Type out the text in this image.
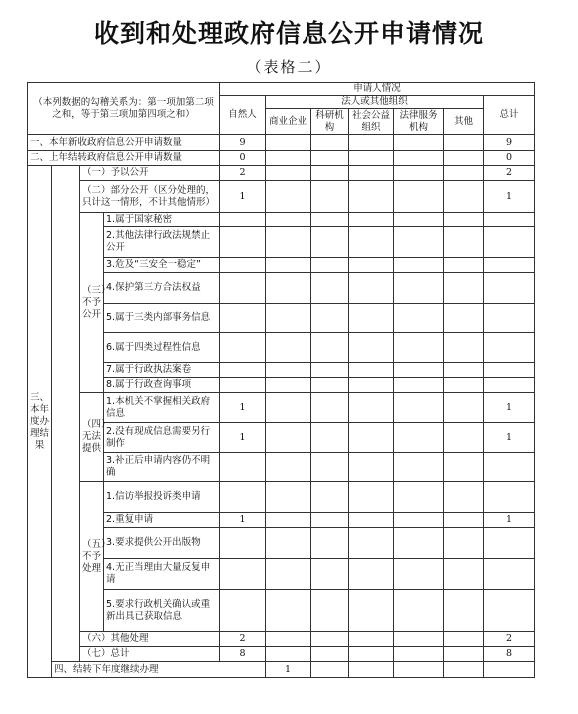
收到和处理政府信息公开申请情况
（表格二）
（本列数据的勾稽关系为：第一项加第二项之和，等于第三项加第四项之和）				申请人情况							
				自然人	法人或其他组织					总计	
					商业企业	科研机构	社会公益组织	法律服务机构	其他		
一、本年新收政府信息公开申请数量				9						9	
二、上年结转政府信息公开申请数量				0						0	
三、本年度办理结果		（一）予以公开		2						2	
		（二）部分公开（区分处理的，只计这一情形，不计其他情形）		1						1	
		（三）不予公开	1.属于国家秘密								
			2.其他法律行政法规禁止公开								
			3.危及“三安全一稳定”								
			4.保护第三方合法权益								
			5.属于三类内部事务信息								
			6.属于四类过程性信息								
			7.属于行政执法案卷								
			8.属于行政查询事项								
		（四）无法提供	1.本机关不掌握相关政府信息	1						1	
			2.没有现成信息需要另行制作	1						1	
			3.补正后申请内容仍不明确								
		（五）不予处理	1.信访举报投诉类申请								
			2.重复申请	1						1	
			3.要求提供公开出版物								
			4.无正当理由大量反复申请								
			5.要求行政机关确认或重新出具已获取信息								
		（六）其他处理		2						2	
		（七）总计		8						8	
	四、结转下年度继续办理				1						
